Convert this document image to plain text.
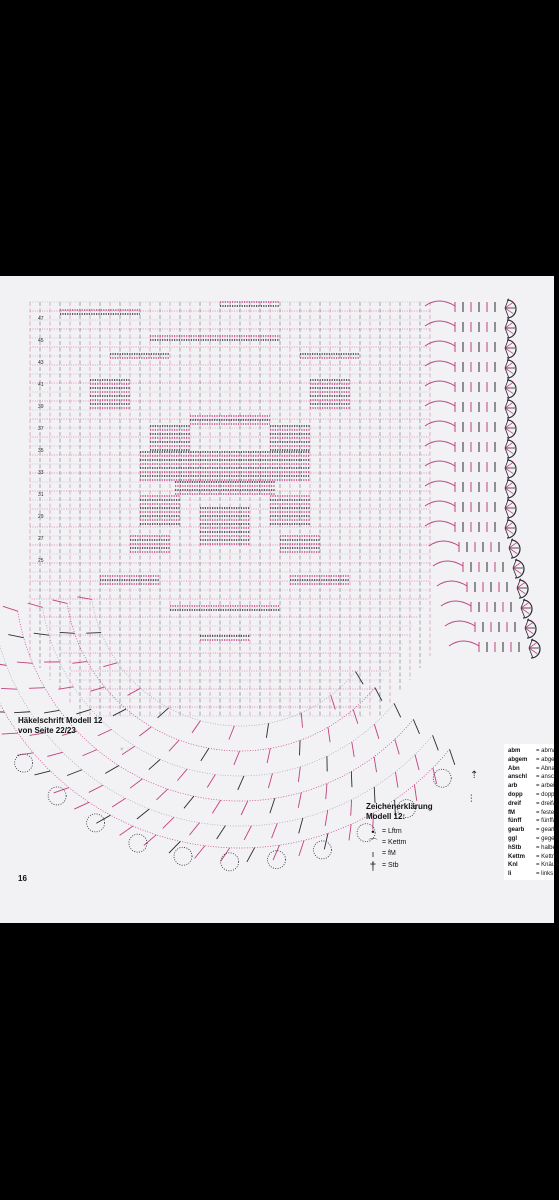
47
45
43
41
39
37
35
33
31
29
27
25
♥ ♡
Häkelschrift Modell 12
von Seite 22/23
Zeichenerklärung
Modell 12:
•	= Lftm
⌒ = Kettm
ı	= fM
† = Stb
⇡
⫶
abm	= abma
abgem = abgen
Abn	= Abnal
anschl = ansch
arb	= arbei
dopp = dopp
dreif = dreifa
fM	= feste
fünff = fünffa
gearb = gearb
ggl	= gegen
hStb = halbe
Kettm = Kettm
Knl	= Knäue
li	= links
16
